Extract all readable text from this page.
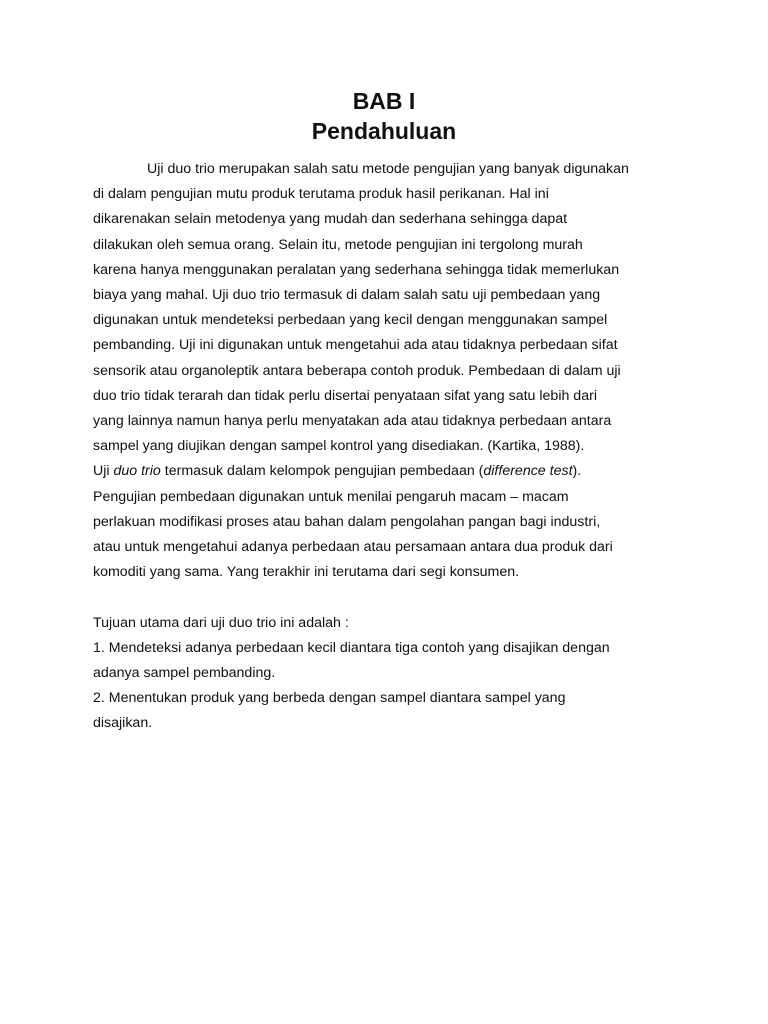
BAB I
Pendahuluan

Uji duo trio merupakan salah satu metode pengujian yang banyak digunakan
di dalam pengujian mutu produk terutama produk hasil perikanan. Hal ini
dikarenakan selain metodenya yang mudah dan sederhana sehingga dapat
dilakukan oleh semua orang. Selain itu, metode pengujian ini tergolong murah
karena hanya menggunakan peralatan yang sederhana sehingga tidak memerlukan
biaya yang mahal. Uji duo trio termasuk di dalam salah satu uji pembedaan yang
digunakan untuk mendeteksi perbedaan yang kecil dengan menggunakan sampel
pembanding. Uji ini digunakan untuk mengetahui ada atau tidaknya perbedaan sifat
sensorik atau organoleptik antara beberapa contoh produk. Pembedaan di dalam uji
duo trio tidak terarah dan tidak perlu disertai penyataan sifat yang satu lebih dari
yang lainnya namun hanya perlu menyatakan ada atau tidaknya perbedaan antara
sampel yang diujikan dengan sampel kontrol yang disediakan. (Kartika, 1988).

Uji duo trio termasuk dalam kelompok pengujian pembedaan (difference test).
Pengujian pembedaan digunakan untuk menilai pengaruh macam – macam
perlakuan modifikasi proses atau bahan dalam pengolahan pangan bagi industri,
atau untuk mengetahui adanya perbedaan atau persamaan antara dua produk dari
komoditi yang sama. Yang terakhir ini terutama dari segi konsumen.

Tujuan utama dari uji duo trio ini adalah :

1. Mendeteksi adanya perbedaan kecil diantara tiga contoh yang disajikan dengan
adanya sampel pembanding.

2. Menentukan produk yang berbeda dengan sampel diantara sampel yang
disajikan.
